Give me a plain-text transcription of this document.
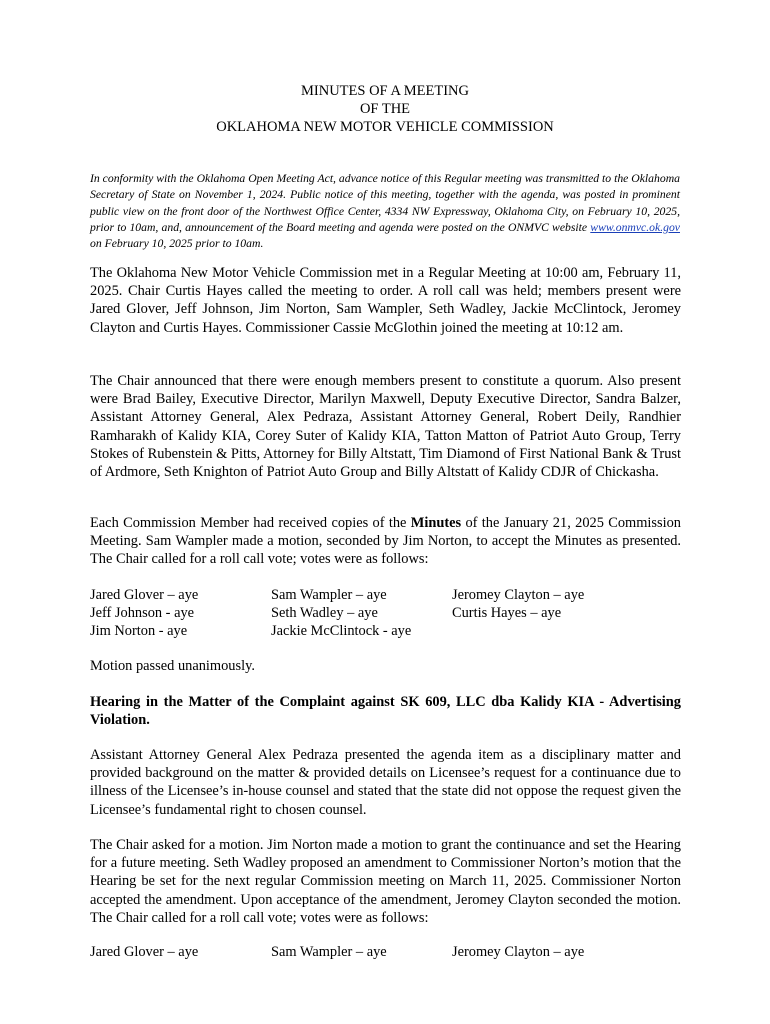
MINUTES OF A MEETING
OF THE
OKLAHOMA NEW MOTOR VEHICLE COMMISSION
In conformity with the Oklahoma Open Meeting Act, advance notice of this Regular meeting was transmitted to the Oklahoma Secretary of State on November 1, 2024. Public notice of this meeting, together with the agenda, was posted in prominent public view on the front door of the Northwest Office Center, 4334 NW Expressway, Oklahoma City, on February 10, 2025, prior to 10am, and, announcement of the Board meeting and agenda were posted on the ONMVC website www.onmvc.ok.gov on February 10, 2025 prior to 10am.
The Oklahoma New Motor Vehicle Commission met in a Regular Meeting at 10:00 am, February 11, 2025. Chair Curtis Hayes called the meeting to order. A roll call was held; members present were Jared Glover, Jeff Johnson, Jim Norton, Sam Wampler, Seth Wadley, Jackie McClintock, Jeromey Clayton and Curtis Hayes. Commissioner Cassie McGlothin joined the meeting at 10:12 am.
The Chair announced that there were enough members present to constitute a quorum. Also present were Brad Bailey, Executive Director, Marilyn Maxwell, Deputy Executive Director, Sandra Balzer, Assistant Attorney General, Alex Pedraza, Assistant Attorney General, Robert Deily, Randhier Ramharakh of Kalidy KIA, Corey Suter of Kalidy KIA, Tatton Matton of Patriot Auto Group, Terry Stokes of Rubenstein & Pitts, Attorney for Billy Altstatt, Tim Diamond of First National Bank & Trust of Ardmore, Seth Knighton of Patriot Auto Group and Billy Altstatt of Kalidy CDJR of Chickasha.
Each Commission Member had received copies of the Minutes of the January 21, 2025 Commission Meeting. Sam Wampler made a motion, seconded by Jim Norton, to accept the Minutes as presented. The Chair called for a roll call vote; votes were as follows:
Jared Glover – aye
Jeff Johnson - aye
Jim Norton - aye
Sam Wampler – aye
Seth Wadley – aye
Jackie McClintock - aye
Jeromey Clayton – aye
Curtis Hayes – aye
Motion passed unanimously.
Hearing in the Matter of the Complaint against SK 609, LLC dba Kalidy KIA - Advertising Violation.
Assistant Attorney General Alex Pedraza presented the agenda item as a disciplinary matter and provided background on the matter & provided details on Licensee’s request for a continuance due to illness of the Licensee’s in-house counsel and stated that the state did not oppose the request given the Licensee’s fundamental right to chosen counsel.
The Chair asked for a motion. Jim Norton made a motion to grant the continuance and set the Hearing for a future meeting. Seth Wadley proposed an amendment to Commissioner Norton’s motion that the Hearing be set for the next regular Commission meeting on March 11, 2025. Commissioner Norton accepted the amendment. Upon acceptance of the amendment, Jeromey Clayton seconded the motion. The Chair called for a roll call vote; votes were as follows:
Jared Glover – aye	Sam Wampler – aye	Jeromey Clayton – aye
